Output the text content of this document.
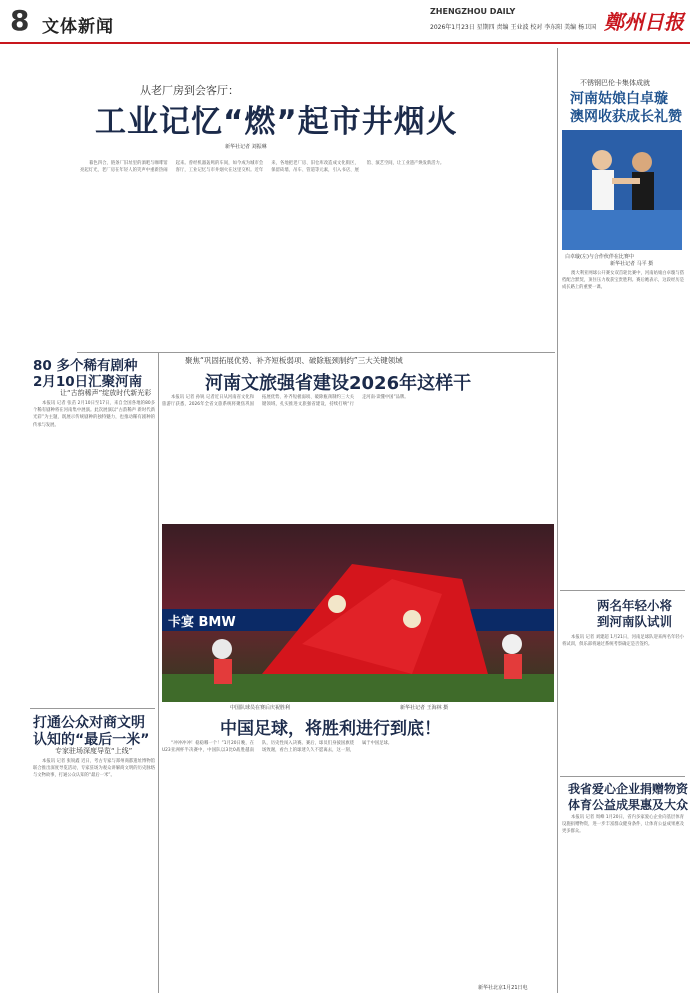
8 文体新闻
ZHENGZHOU DAILY
2026年1月23日 星期四 责编 王业波 校对 李东阳 美编 杨卫国 鄭州日报
从老厂房到会客厅：
工业记忆“燃”起市井烟火
新华社记者 刘振琳

暮色四合，链条厂旧址里的酒吧与咖啡馆亮起灯光，老厂房在年轻人的笑声中重新热闹起来。曾经机器轰鸣的车间，如今成为城市会客厅，工业记忆与市井烟火在这里交织。近年来，各地把老厂房、旧仓库改造成文化街区，保留砖墙、吊车、管道等元素，引入书店、展馆、演艺空间，让工业遗产焕发新活力。

不锈钢巴伦卡集体成就
河南姑娘白卓璇
澳网收获成长礼赞
白卓璇(左)与合作伙伴在比赛中
新华社记者 马平 摄

澳大利亚网球公开赛女双首轮比赛中，河南姑娘白卓璇与搭档配合默契，顶住压力收获宝贵胜利。赛后她表示，这段经历是成长路上的重要一课。

80 多个稀有剧种
2月10日汇聚河南
让“古韵稀声”绽放时代新光彩

本报讯 记者 张苗 2月10日至17日，来自全国各地的80多个稀有剧种将在河南集中展演。此次展演以“古韵稀声 新时代新光彩”为主题，既展示传统剧种的独特魅力，也推动稀有剧种的传承与发展。

聚焦“巩固拓展优势、补齐短板弱项、破除瓶颈制约”三大关键领域
河南文旅强省建设2026年这样干

本报讯 记者 孙锐 记者近日从河南省文化和旅游厅获悉，2026年全省文旅系统将聚焦巩固拓展优势、补齐短板弱项、破除瓶颈制约三大关键领域，扎实推进文旅强省建设，持续打响“行走河南·读懂中国”品牌。

卡宴 BMW
中国队球员在赛后庆祝胜利	新华社记者 王海林 摄
打通公众对商文明
认知的“最后一米”
专家驻场深度导览“上线”

本报讯 记者 张锐鑫 近日，考古专家与郑州商都遗址博物馆联合推出深度导览活动，专家驻场为观众讲解商文明的历史脉络与文物故事，打通公众认知的“最后一米”。

中国足球，将胜利进行到底！

“冲冲冲冲！稳稳哪一个！”1月20日晚，在U23亚洲杯半决赛中，中国队以3比0战胜越南队，历史性闯入决赛。赛后，球员们身披国旗绕场致谢，看台上的球迷久久不愿离去，这一刻，属于中国足球。

新华社北京1月21日电
两名年轻小将
到河南队试训

本报讯 记者 刘建超 1月21日，河南足球队迎来两名年轻小将试训，俱乐部将通过系统考察确定是否签约。

我省爱心企业捐赠物资
体育公益成果惠及大众

本报讯 记者 周峰 1月20日，省内多家爱心企业向基层体育设施捐赠物资，进一步丰富群众健身条件，让体育公益成果惠及更多群众。
